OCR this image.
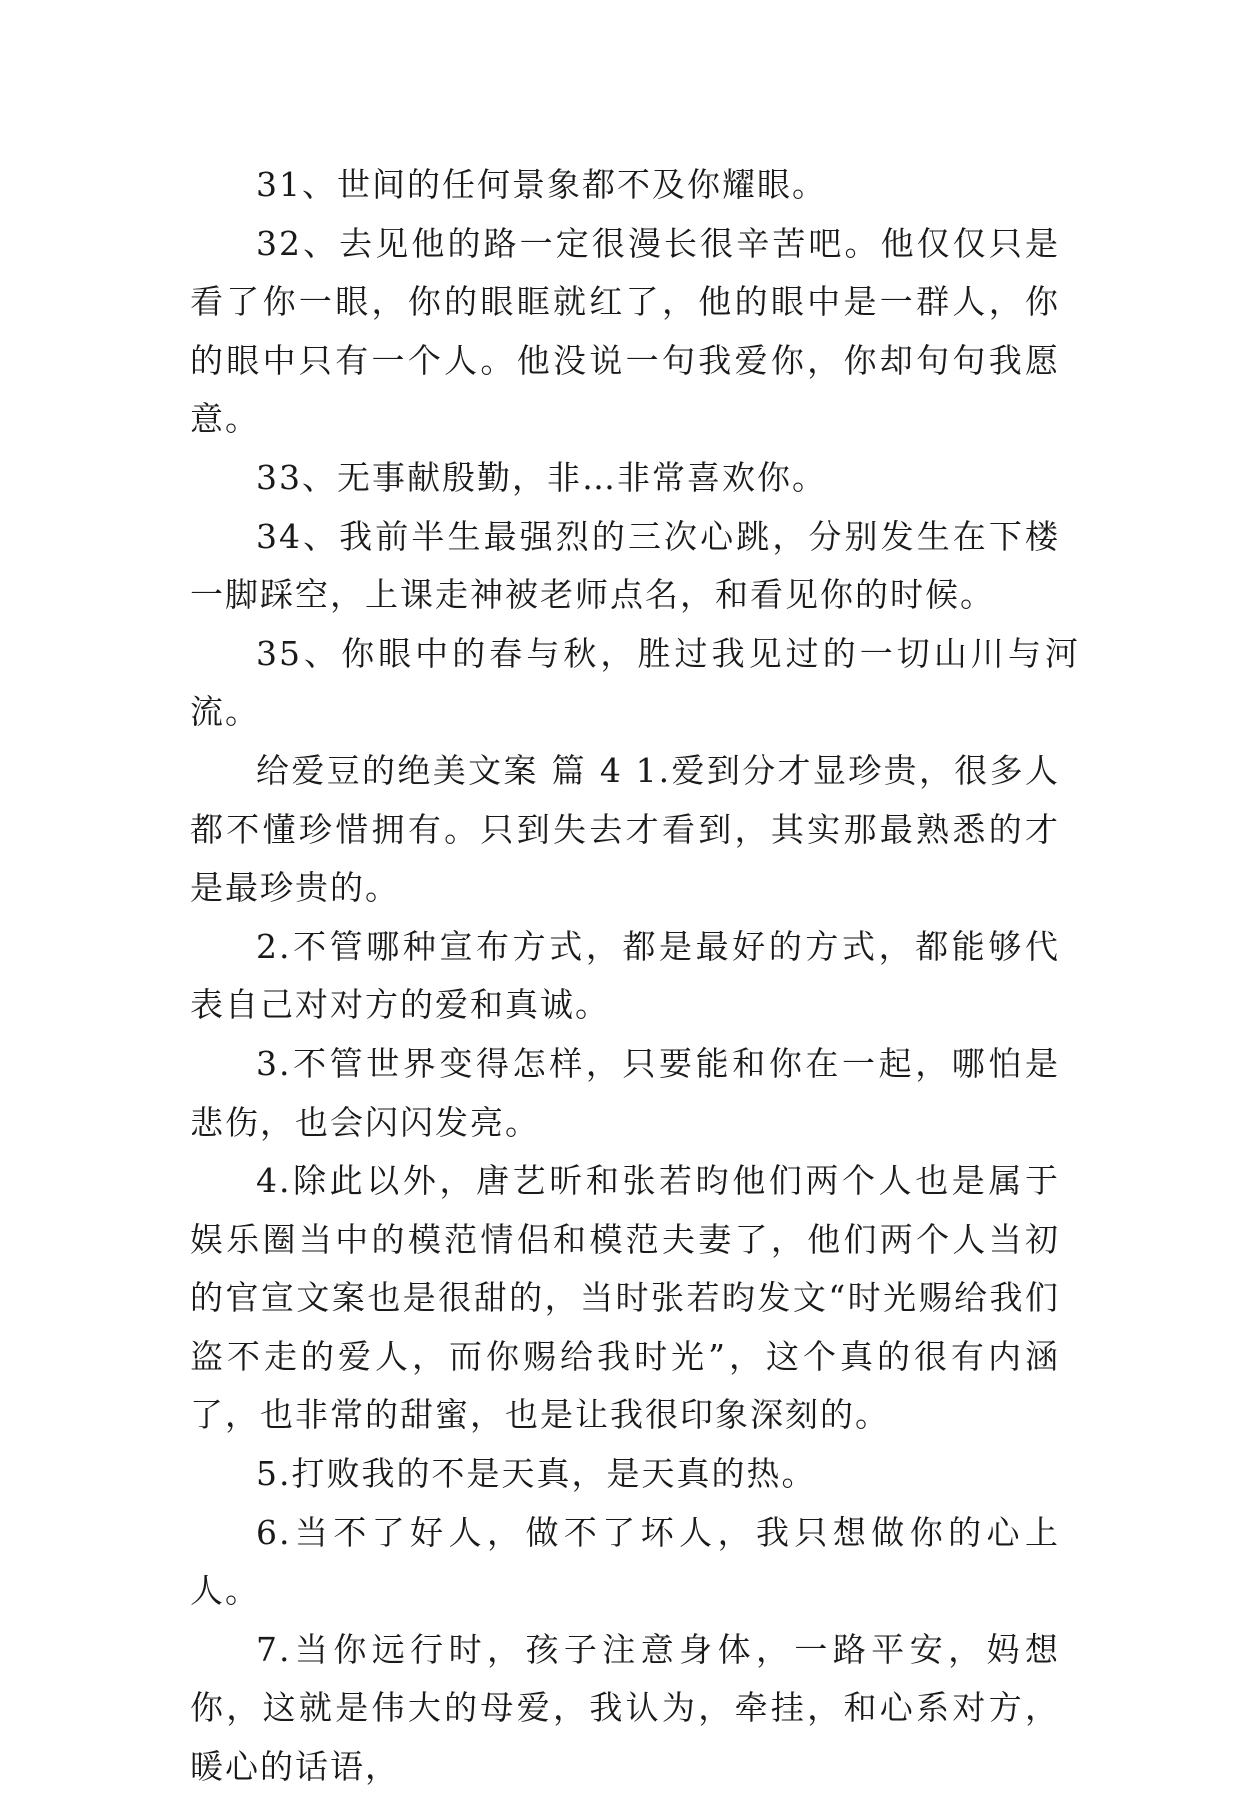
31、世间的任何景象都不及你耀眼。

32、去见他的路一定很漫长很辛苦吧。他仅仅只是看了你一眼，你的眼眶就红了，他的眼中是一群人，你的眼中只有一个人。他没说一句我爱你，你却句句我愿意。

33、无事献殷勤，非…非常喜欢你。

34、我前半生最强烈的三次心跳，分别发生在下楼一脚踩空，上课走神被老师点名，和看见你的时候。

35、你眼中的春与秋，胜过我见过的一切山川与河流。

给爱豆的绝美文案 篇 4 1.爱到分才显珍贵，很多人都不懂珍惜拥有。只到失去才看到，其实那最熟悉的才是最珍贵的。

2.不管哪种宣布方式，都是最好的方式，都能够代表自己对对方的爱和真诚。

3.不管世界变得怎样，只要能和你在一起，哪怕是悲伤，也会闪闪发亮。

4.除此以外，唐艺昕和张若昀他们两个人也是属于娱乐圈当中的模范情侣和模范夫妻了，他们两个人当初的官宣文案也是很甜的，当时张若昀发文“时光赐给我们盗不走的爱人，而你赐给我时光”，这个真的很有内涵了，也非常的甜蜜，也是让我很印象深刻的。

5.打败我的不是天真，是天真的热。

6.当不了好人，做不了坏人，我只想做你的心上人。

7.当你远行时，孩子注意身体，一路平安，妈想你，这就是伟大的母爱，我认为，牵挂，和心系对方，暖心的话语，
